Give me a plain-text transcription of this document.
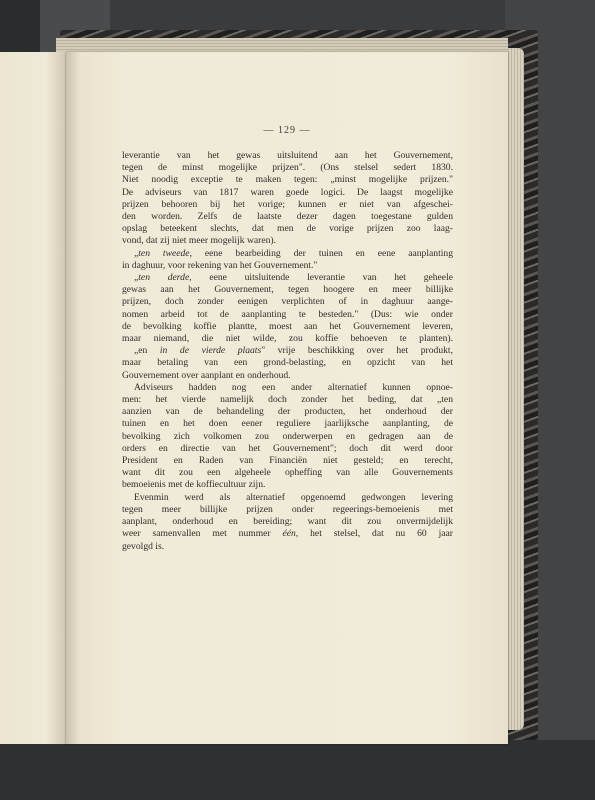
— 129 —
leverantie van het gewas uitsluitend aan het Gouvernement,
tegen de minst mogelijke prijzen". (Ons stelsel sedert 1830.
Niet noodig exceptie te maken tegen: „minst mogelijke prijzen."
De adviseurs van 1817 waren goede logici. De laagst mogelijke
prijzen behooren bij het vorige; kunnen er niet van afgeschei-
den worden. Zelfs de laatste dezer dagen toegestane gulden
opslag beteekent slechts, dat men de vorige prijzen zoo laag-
vond, dat zij niet meer mogelijk waren).
„ten tweede, eene bearbeiding der tuinen en eene aanplanting
in daghuur, voor rekening van het Gouvernement."
„ten derde, eene uitsluitende leverantie van het geheele
gewas aan het Gouvernement, tegen hoogere en meer billijke
prijzen, doch zonder eenigen verplichten of in daghuur aange-
nomen arbeid tot de aanplanting te besteden." (Dus: wie onder
de bevolking koffie plantte, moest aan het Gouvernement leveren,
maar niemand, die niet wilde, zou koffie behoeven te planten).
„en in de vierde plaats" vrije beschikking over het produkt,
maar betaling van een grond-belasting, en opzicht van het
Gouvernement over aanplant en onderhoud.
Adviseurs hadden nog een ander alternatief kunnen opnoe-
men: het vierde namelijk doch zonder het beding, dat „ten
aanzien van de behandeling der producten, het onderhoud der
tuinen en het doen eener reguliere jaarlijksche aanplanting, de
bevolking zich volkomen zou onderwerpen en gedragen aan de
orders en directie van het Gouvernement"; doch dit werd door
President en Raden van Financiën niet gesteld; en terecht,
want dit zou een algeheele opheffing van alle Gouvernements
bemoeienis met de koffiecultuur zijn.
Evenmin werd als alternatief opgenoemd gedwongen levering
tegen meer billijke prijzen onder regeerings-bemoeienis met
aanplant, onderhoud en bereiding; want dit zou onvermijdelijk
weer samenvallen met nummer één, het stelsel, dat nu 60 jaar
gevolgd is.
